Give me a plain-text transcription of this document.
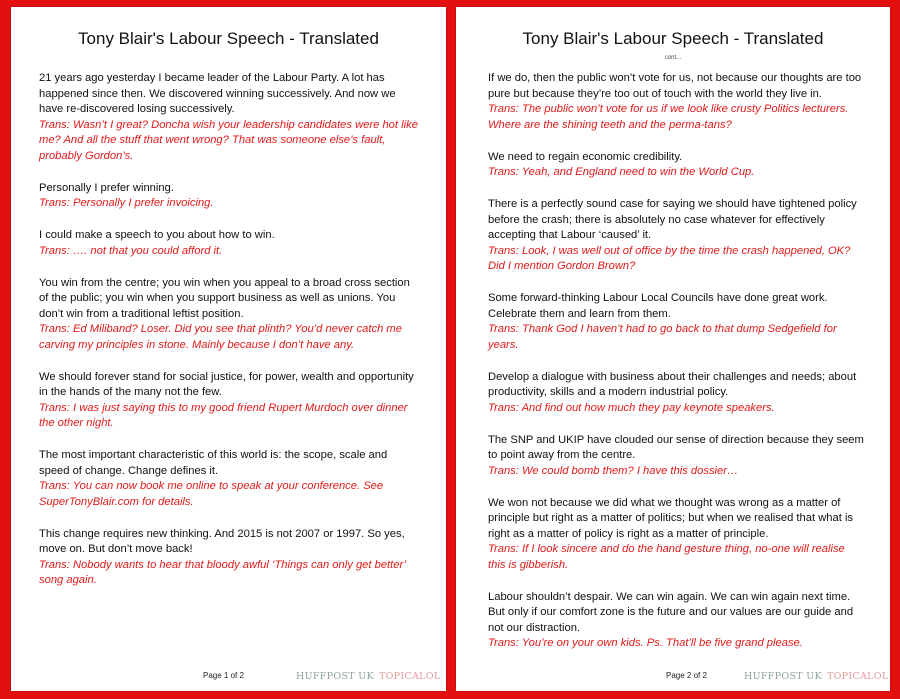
Tony Blair's Labour Speech - Translated

21 years ago yesterday I became leader of the Labour Party. A lot has happened since then. We discovered winning successively. And now we have re-discovered losing successively.

Trans: Wasn’t I great? Doncha wish your leadership candidates were hot like me? And all the stuff that went wrong? That was someone else’s fault, probably Gordon’s.

Personally I prefer winning.

Trans: Personally I prefer invoicing.

I could make a speech to you about how to win.

Trans: …. not that you could afford it.

You win from the centre; you win when you appeal to a broad cross section of the public; you win when you support business as well as unions. You don’t win from a traditional leftist position.

Trans: Ed Miliband? Loser. Did you see that plinth? You’d never catch me carving my principles in stone. Mainly because I don’t have any.

We should forever stand for social justice, for power, wealth and opportunity in the hands of the many not the few.

Trans: I was just saying this to my good friend Rupert Murdoch over dinner the other night.

The most important characteristic of this world is: the scope, scale and speed of change. Change defines it.

Trans: You can now book me online to speak at your conference. See SuperTonyBlair.com for details.

This change requires new thinking. And 2015 is not 2007 or 1997. So yes, move on. But don’t move back!

Trans: Nobody wants to hear that bloody awful ‘Things can only get better’ song again.

Page 1 of 2	HUFFPOST UK TOPICALOL
Tony Blair's Labour Speech - Translated
cont...

If we do, then the public won’t vote for us, not because our thoughts are too pure but because they’re too out of touch with the world they live in.

Trans: The public won’t vote for us if we look like crusty Politics lecturers. Where are the shining teeth and the perma-tans?

We need to regain economic credibility.

Trans: Yeah, and England need to win the World Cup.

There is a perfectly sound case for saying we should have tightened policy before the crash; there is absolutely no case whatever for effectively accepting that Labour ‘caused’ it.

Trans: Look, I was well out of office by the time the crash happened, OK? Did I mention Gordon Brown?

Some forward-thinking Labour Local Councils have done great work. Celebrate them and learn from them.

Trans: Thank God I haven’t had to go back to that dump Sedgefield for years.

Develop a dialogue with business about their challenges and needs; about productivity, skills and a modern industrial policy.

Trans: And find out how much they pay keynote speakers.

The SNP and UKIP have clouded our sense of direction because they seem to point away from the centre.

Trans: We could bomb them? I have this dossier…

We won not because we did what we thought was wrong as a matter of principle but right as a matter of politics; but when we realised that what is right as a matter of policy is right as a matter of principle.

Trans: If I look sincere and do the hand gesture thing, no-one will realise this is gibberish.

Labour shouldn’t despair. We can win again. We can win again next time. But only if our comfort zone is the future and our values are our guide and not our distraction.

Trans: You’re on your own kids. Ps. That’ll be five grand please.

Page 2 of 2	HUFFPOST UK TOPICALOL
